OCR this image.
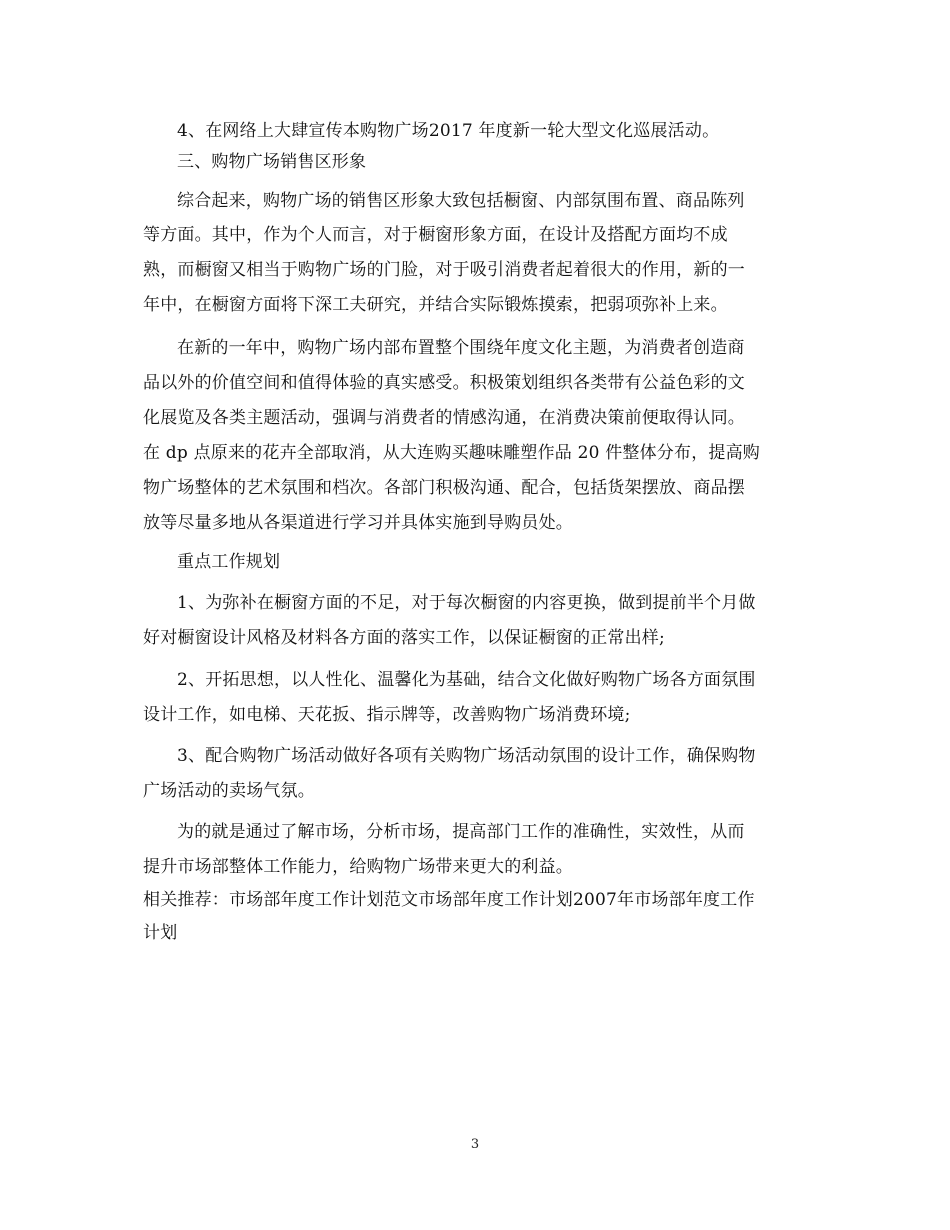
4、在网络上大肆宣传本购物广场2017 年度新一轮大型文化巡展活动。
三、购物广场销售区形象
综合起来，购物广场的销售区形象大致包括橱窗、内部氛围布置、商品陈列
等方面。其中，作为个人而言，对于橱窗形象方面，在设计及搭配方面均不成
熟，而橱窗又相当于购物广场的门脸，对于吸引消费者起着很大的作用，新的一
年中，在橱窗方面将下深工夫研究，并结合实际锻炼摸索，把弱项弥补上来。
在新的一年中，购物广场内部布置整个围绕年度文化主题，为消费者创造商
品以外的价值空间和值得体验的真实感受。积极策划组织各类带有公益色彩的文
化展览及各类主题活动，强调与消费者的情感沟通，在消费决策前便取得认同。
在 dp 点原来的花卉全部取消，从大连购买趣味雕塑作品 20 件整体分布，提高购
物广场整体的艺术氛围和档次。各部门积极沟通、配合，包括货架摆放、商品摆
放等尽量多地从各渠道进行学习并具体实施到导购员处。
重点工作规划
1、为弥补在橱窗方面的不足，对于每次橱窗的内容更换，做到提前半个月做
好对橱窗设计风格及材料各方面的落实工作，以保证橱窗的正常出样;
2、开拓思想，以人性化、温馨化为基础，结合文化做好购物广场各方面氛围
设计工作，如电梯、天花扳、指示牌等，改善购物广场消费环境;
3、配合购物广场活动做好各项有关购物广场活动氛围的设计工作，确保购物
广场活动的卖场气氛。
为的就是通过了解市场，分析市场，提高部门工作的准确性，实效性，从而
提升市场部整体工作能力，给购物广场带来更大的利益。
相关推荐：市场部年度工作计划范文市场部年度工作计划2007年市场部年度工作
计划
3
